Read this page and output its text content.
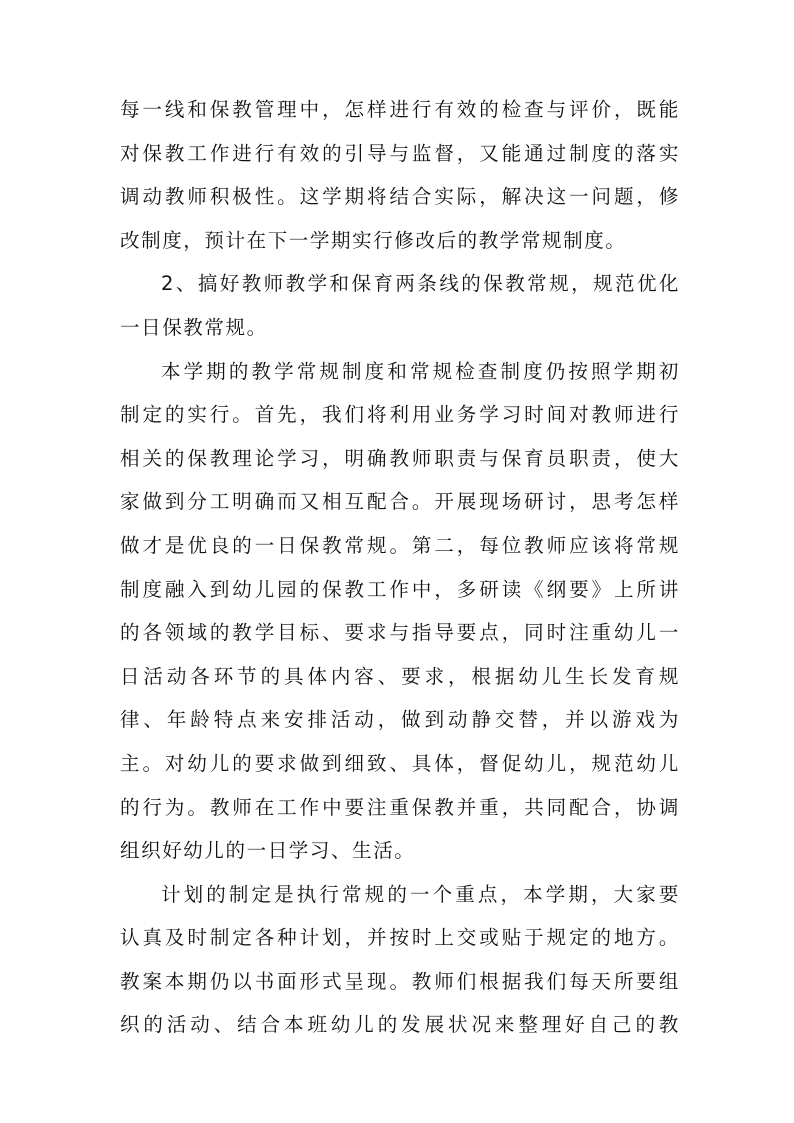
每一线和保教管理中，怎样进行有效的检查与评价，既能
对保教工作进行有效的引导与监督，又能通过制度的落实
调动教师积极性。这学期将结合实际，解决这一问题，修
改制度，预计在下一学期实行修改后的教学常规制度。
2、搞好教师教学和保育两条线的保教常规，规范优化
一日保教常规。
本学期的教学常规制度和常规检查制度仍按照学期初
制定的实行。首先，我们将利用业务学习时间对教师进行
相关的保教理论学习，明确教师职责与保育员职责，使大
家做到分工明确而又相互配合。开展现场研讨，思考怎样
做才是优良的一日保教常规。第二，每位教师应该将常规
制度融入到幼儿园的保教工作中，多研读《纲要》上所讲
的各领域的教学目标、要求与指导要点，同时注重幼儿一
日活动各环节的具体内容、要求，根据幼儿生长发育规
律、年龄特点来安排活动，做到动静交替，并以游戏为
主。对幼儿的要求做到细致、具体，督促幼儿，规范幼儿
的行为。教师在工作中要注重保教并重，共同配合，协调
组织好幼儿的一日学习、生活。
计划的制定是执行常规的一个重点，本学期，大家要
认真及时制定各种计划，并按时上交或贴于规定的地方。
教案本期仍以书面形式呈现。教师们根据我们每天所要组
织的活动、结合本班幼儿的发展状况来整理好自己的教
